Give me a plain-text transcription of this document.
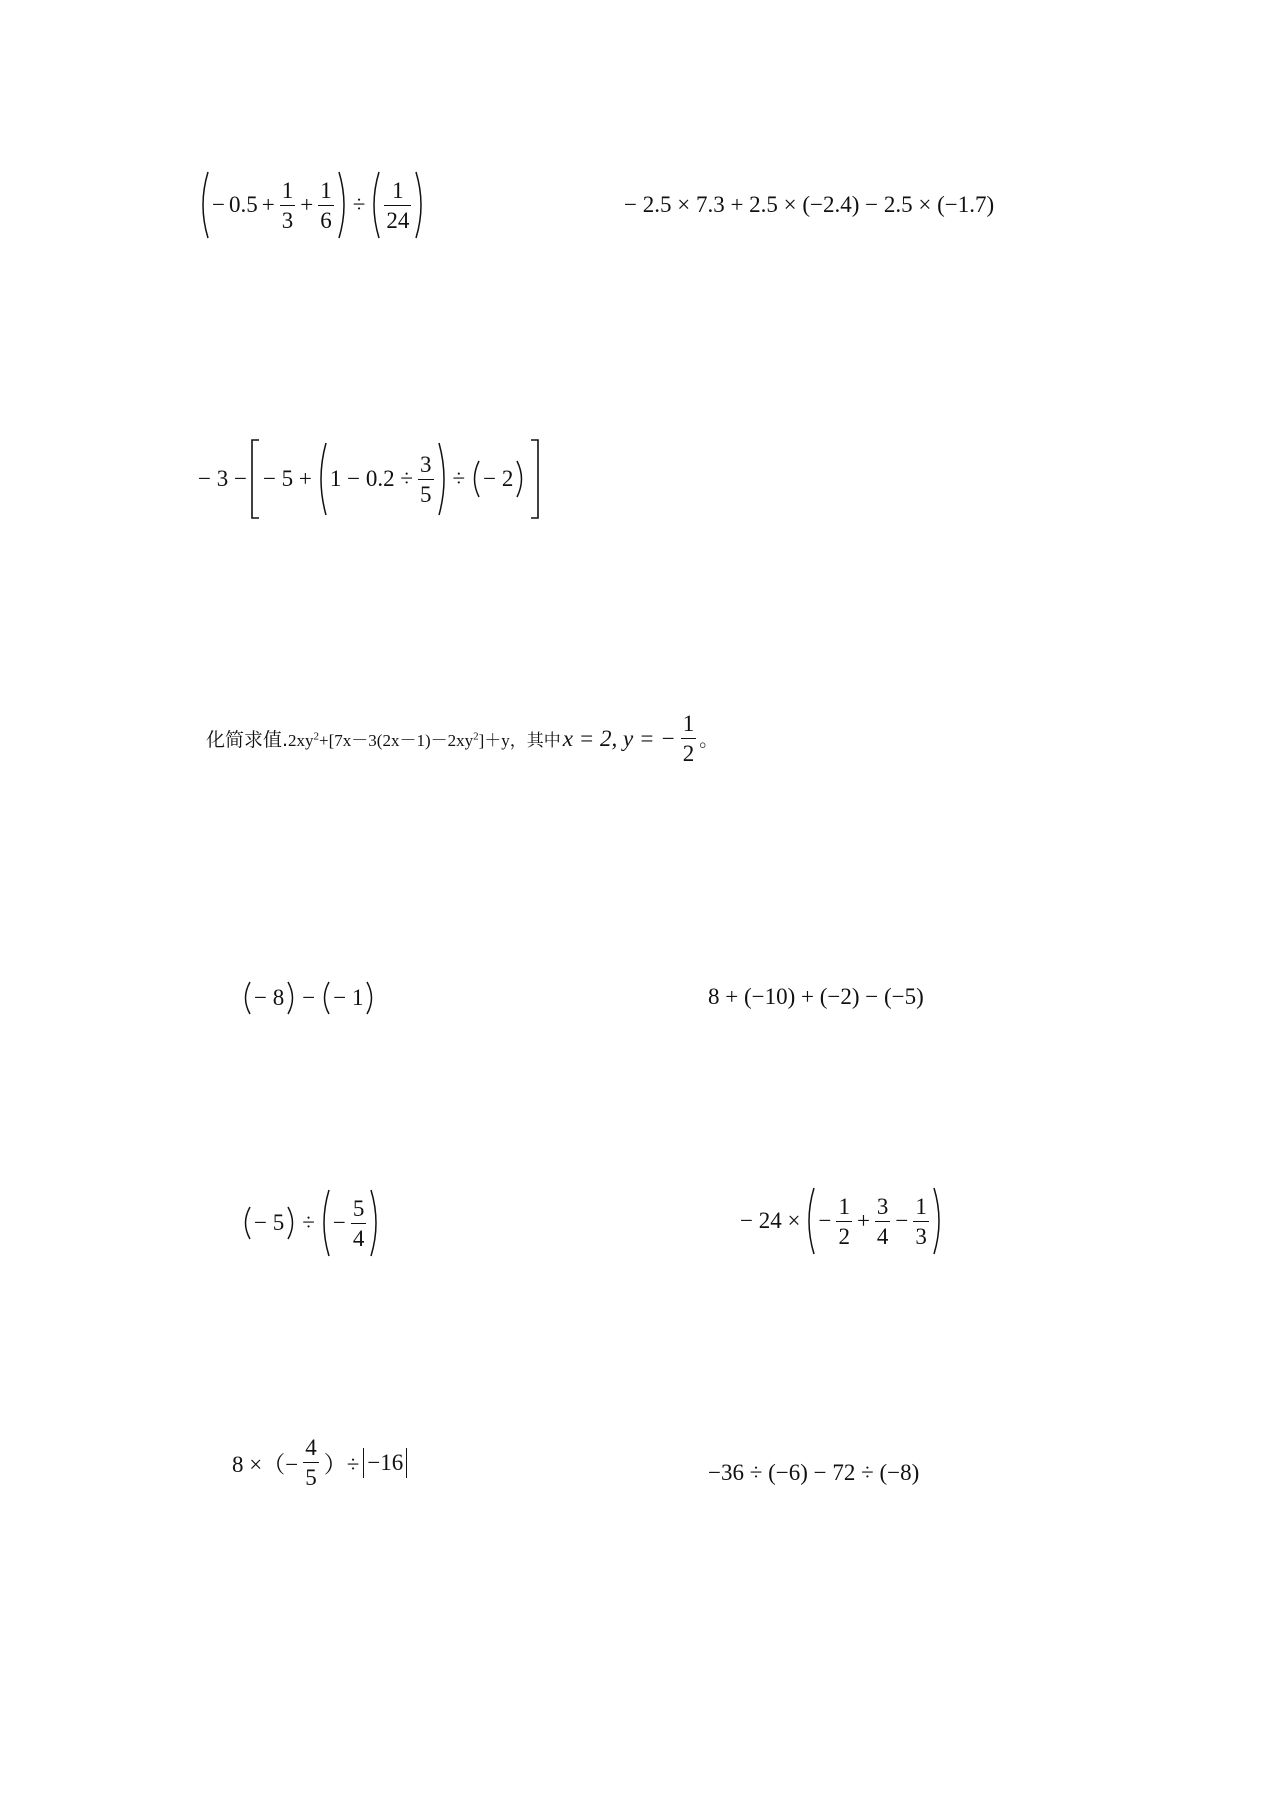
− $0.5 + \frac{1}{3} + \frac{1}{6} \div \frac{1}{24}$	− 2.5 × 7.3 + 2.5 × (−2.4) − 2.5 × (−1.7)
− 3 − − $5 + 1 - 0.2 \div \frac{3}{5}$ ÷ − 2
化简求值. $2xy^2+[7x-3(2x-1)-2xy^2]+y$，其中 x = 2, y = − $\frac{1}{2}$ 。
− 8 − − 1	8 + (−10) + (−2) − (−5)
− 5 ÷ − $\frac{5}{4}$	− 24 × − $\frac{1}{2} + \frac{3}{4} - \frac{1}{3}$
8 ×（− $\frac{4}{5}$ ）÷ −16	−36 ÷ (−6) − 72 ÷ (−8)
